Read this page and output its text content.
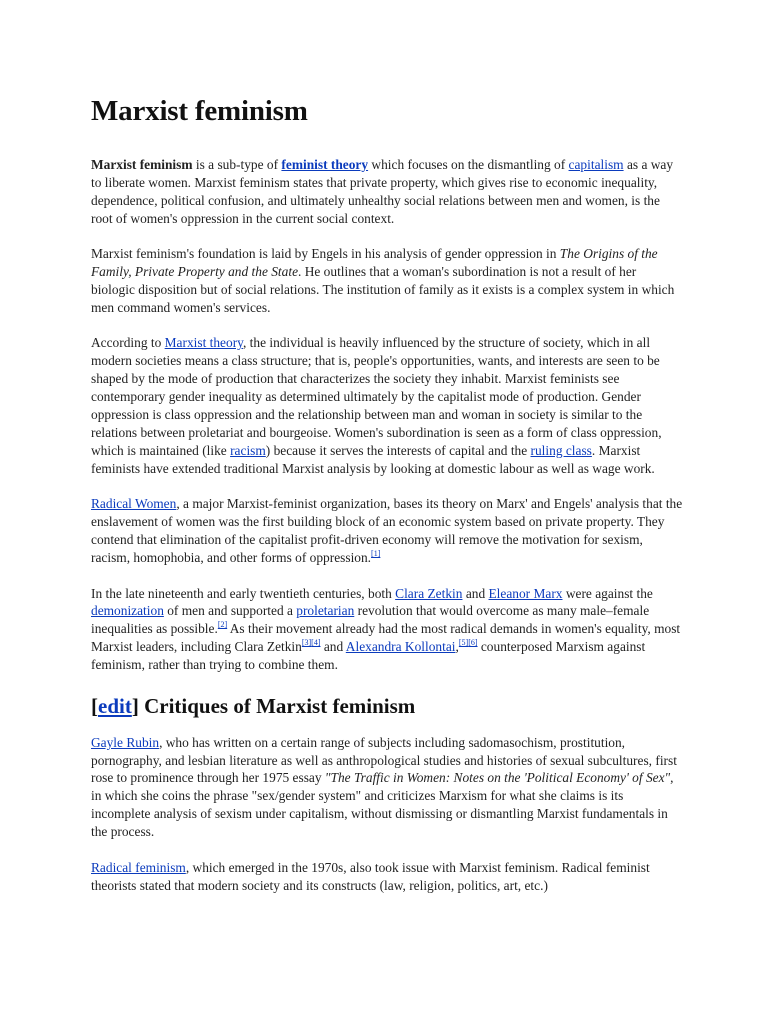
Marxist feminism

Marxist feminism is a sub-type of feminist theory which focuses on the dismantling of capitalism as a way to liberate women. Marxist feminism states that private property, which gives rise to economic inequality, dependence, political confusion, and ultimately unhealthy social relations between men and women, is the root of women's oppression in the current social context.

Marxist feminism's foundation is laid by Engels in his analysis of gender oppression in The Origins of the Family, Private Property and the State. He outlines that a woman's subordination is not a result of her biologic disposition but of social relations. The institution of family as it exists is a complex system in which men command women's services.

According to Marxist theory, the individual is heavily influenced by the structure of society, which in all modern societies means a class structure; that is, people's opportunities, wants, and interests are seen to be shaped by the mode of production that characterizes the society they inhabit. Marxist feminists see contemporary gender inequality as determined ultimately by the capitalist mode of production. Gender oppression is class oppression and the relationship between man and woman in society is similar to the relations between proletariat and bourgeoise. Women's subordination is seen as a form of class oppression, which is maintained (like racism) because it serves the interests of capital and the ruling class. Marxist feminists have extended traditional Marxist analysis by looking at domestic labour as well as wage work.

Radical Women, a major Marxist-feminist organization, bases its theory on Marx' and Engels' analysis that the enslavement of women was the first building block of an economic system based on private property. They contend that elimination of the capitalist profit-driven economy will remove the motivation for sexism, racism, homophobia, and other forms of oppression.[1]

In the late nineteenth and early twentieth centuries, both Clara Zetkin and Eleanor Marx were against the demonization of men and supported a proletarian revolution that would overcome as many male–female inequalities as possible.[2] As their movement already had the most radical demands in women's equality, most Marxist leaders, including Clara Zetkin[3][4] and Alexandra Kollontai,[5][6] counterposed Marxism against feminism, rather than trying to combine them.

[edit] Critiques of Marxist feminism

Gayle Rubin, who has written on a certain range of subjects including sadomasochism, prostitution, pornography, and lesbian literature as well as anthropological studies and histories of sexual subcultures, first rose to prominence through her 1975 essay "The Traffic in Women: Notes on the 'Political Economy' of Sex", in which she coins the phrase "sex/gender system" and criticizes Marxism for what she claims is its incomplete analysis of sexism under capitalism, without dismissing or dismantling Marxist fundamentals in the process.

Radical feminism, which emerged in the 1970s, also took issue with Marxist feminism. Radical feminist theorists stated that modern society and its constructs (law, religion, politics, art, etc.)
